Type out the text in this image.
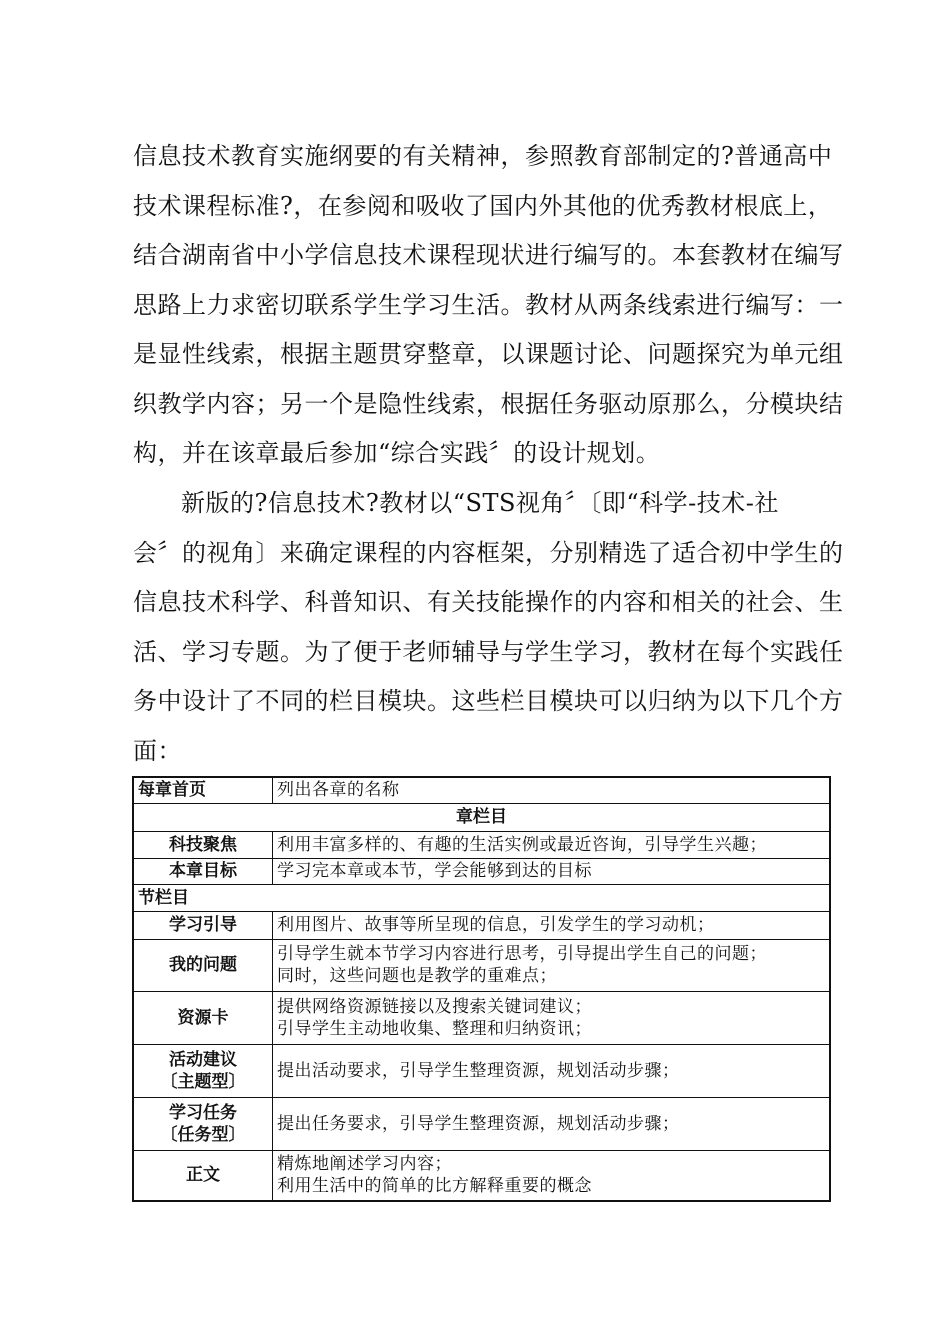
信息技术教育实施纲要的有关精神，参照教育部制定的?普通高中
技术课程标准?，在参阅和吸收了国内外其他的优秀教材根底上，
结合湖南省中小学信息技术课程现状进行编写的。本套教材在编写
思路上力求密切联系学生学习生活。教材从两条线索进行编写：一
是显性线索，根据主题贯穿整章，以课题讨论、问题探究为单元组
织教学内容；另一个是隐性线索，根据任务驱动原那么，分模块结
构，并在该章最后参加“综合实践〞的设计规划。
新版的?信息技术?教材以“STS视角〞〔即“科学-技术-社
会〞的视角〕来确定课程的内容框架，分别精选了适合初中学生的
信息技术科学、科普知识、有关技能操作的内容和相关的社会、生
活、学习专题。为了便于老师辅导与学生学习，教材在每个实践任
务中设计了不同的栏目模块。这些栏目模块可以归纳为以下几个方
面：
每章首页	列出各章的名称
章栏目	
科技聚焦	利用丰富多样的、有趣的生活实例或最近咨询，引导学生兴趣；
本章目标	学习完本章或本节，学会能够到达的目标
节栏目	
学习引导	利用图片、故事等所呈现的信息，引发学生的学习动机；

我的问题	引导学生就本节学习内容进行思考，引导提出学生自己的问题；
同时，这些问题也是教学的重难点；

资源卡	提供网络资源链接以及搜索关键词建议；
引导学生主动地收集、整理和归纳资讯；

活动建议
〔主题型〕	提出活动要求，引导学生整理资源，规划活动步骤；

学习任务
〔任务型〕	提出任务要求，引导学生整理资源，规划活动步骤；

正文	精炼地阐述学习内容；
利用生活中的简单的比方解释重要的概念
